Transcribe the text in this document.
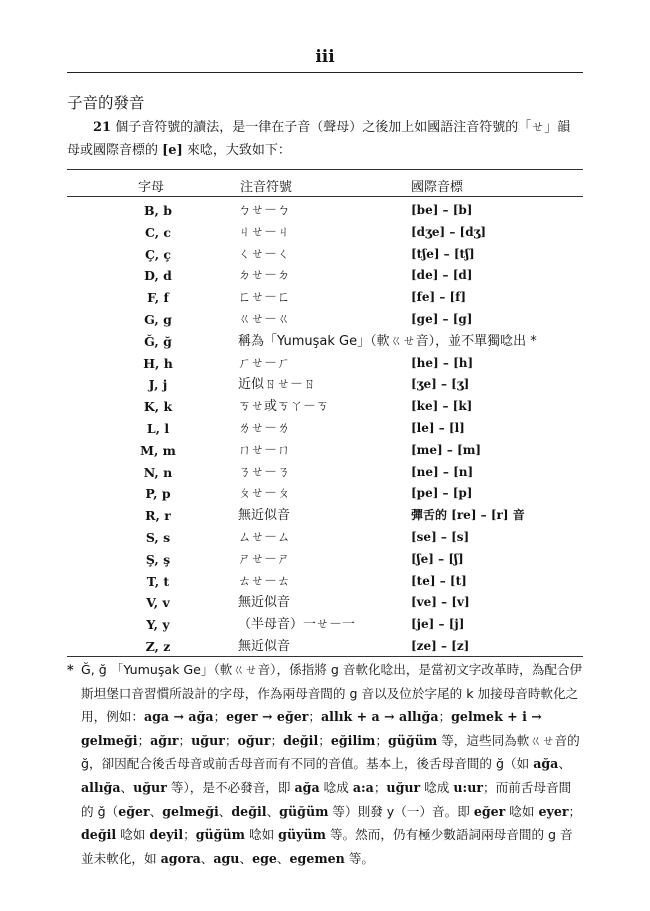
iii
子音的發音
21 個子音符號的讀法，是一律在子音（聲母）之後加上如國語注音符號的「ㄝ」韻母或國際音標的 [e] 來唸，大致如下：
字母	注音符號	國際音標
B, b	ㄅㄝ－ㄅ	[be] – [b]
C, c	ㄐㄝ－ㄐ	[dʒe] – [dʒ]
Ç, ç	ㄑㄝ－ㄑ	[tʃe] – [tʃ]
D, d	ㄉㄝ－ㄉ	[de] – [d]
F, f	ㄈㄝ－ㄈ	[fe] – [f]
G, g	ㄍㄝ－ㄍ	[ge] – [g]
Ğ, ğ	稱為「Yumuşak Ge」（軟ㄍㄝ音），並不單獨唸出 *
H, h	ㄏㄝ－ㄏ	[he] – [h]
J, j	近似ㄖㄝ－ㄖ	[ʒe] – [ʒ]
K, k	ㄎㄝ或ㄎㄚ－ㄎ	[ke] – [k]
L, l	ㄌㄝ－ㄌ	[le] – [l]
M, m	ㄇㄝ－ㄇ	[me] – [m]
N, n	ㄋㄝ－ㄋ	[ne] – [n]
P, p	ㄆㄝ－ㄆ	[pe] – [p]
R, r	無近似音	彈舌的 [re] – [r] 音
S, s	ㄙㄝ－ㄙ	[se] – [s]
Ş, ş	ㄕㄝ－ㄕ	[ʃe] – [ʃ]
T, t	ㄊㄝ－ㄊ	[te] – [t]
V, v	無近似音	[ve] – [v]
Y, y	（半母音）一ㄝ－一	[je] – [j]
Z, z	無近似音	[ze] – [z]
* Ğ, ğ 「Yumuşak Ge」（軟ㄍㄝ音），係指將 g 音軟化唸出，是當初文字改革時，為配合伊斯坦堡口音習慣所設計的字母，作為兩母音間的 g 音以及位於字尾的 k 加接母音時軟化之用，例如：aga → ağa；eger → eğer；allık + a → allığa；gelmek + i → gelmeği；ağır；uğur；oğur；değil；eğilim；güğüm 等，這些同為軟ㄍㄝ音的 ğ，卻因配合後舌母音或前舌母音而有不同的音值。基本上，後舌母音間的 ğ（如 ağa、allığa、uğur 等），是不必發音，即 ağa 唸成 a:a；uğur 唸成 u:ur；而前舌母音間的 ğ（eğer、gelmeği、değil、güğüm 等）則發 y（一）音。即 eğer 唸如 eyer；değil 唸如 deyil；güğüm 唸如 güyüm 等。然而，仍有極少數語詞兩母音間的 g 音並未軟化，如 agora、agu、ege、egemen 等。
